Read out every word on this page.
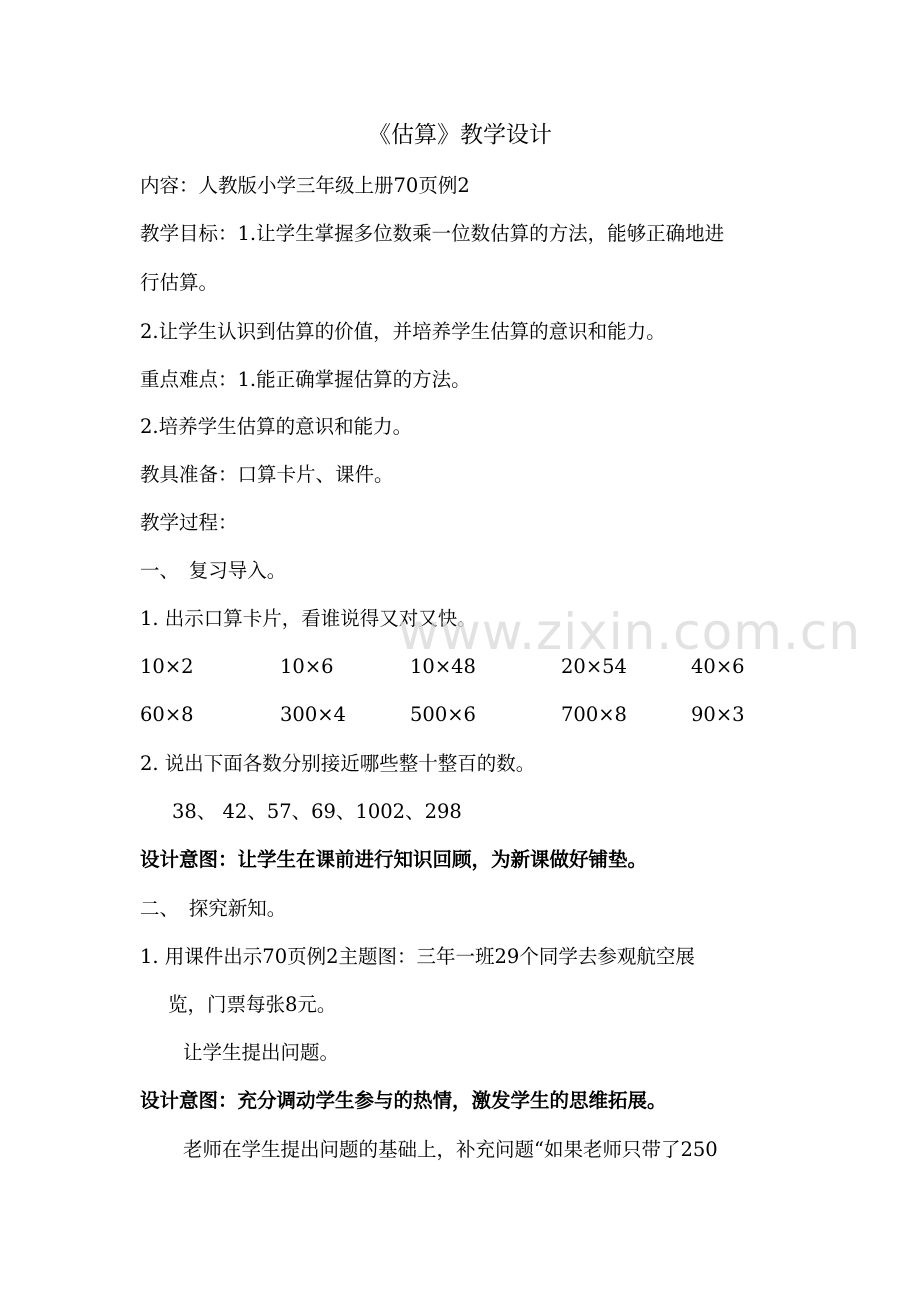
《估算》教学设计
内容：人教版小学三年级上册70页例2
教学目标：1.让学生掌握多位数乘一位数估算的方法，能够正确地进
行估算。
2.让学生认识到估算的价值，并培养学生估算的意识和能力。
重点难点：1.能正确掌握估算的方法。
2.培养学生估算的意识和能力。
教具准备：口算卡片、课件。
教学过程：
一、　复习导入。
1. 出示口算卡片，看谁说得又对又快。
10×2	10×6	10×48	20×54	40×6
60×8	300×4	500×6	700×8	90×3
2. 说出下面各数分别接近哪些整十整百的数。
38、 42、57、69、1002、298
设计意图：让学生在课前进行知识回顾，为新课做好铺垫。
二、　探究新知。
1. 用课件出示70页例2主题图：三年一班29个同学去参观航空展
览，门票每张8元。
让学生提出问题。
设计意图：充分调动学生参与的热情，激发学生的思维拓展。
老师在学生提出问题的基础上，补充问题“如果老师只带了250
www.zixin.com.cn
